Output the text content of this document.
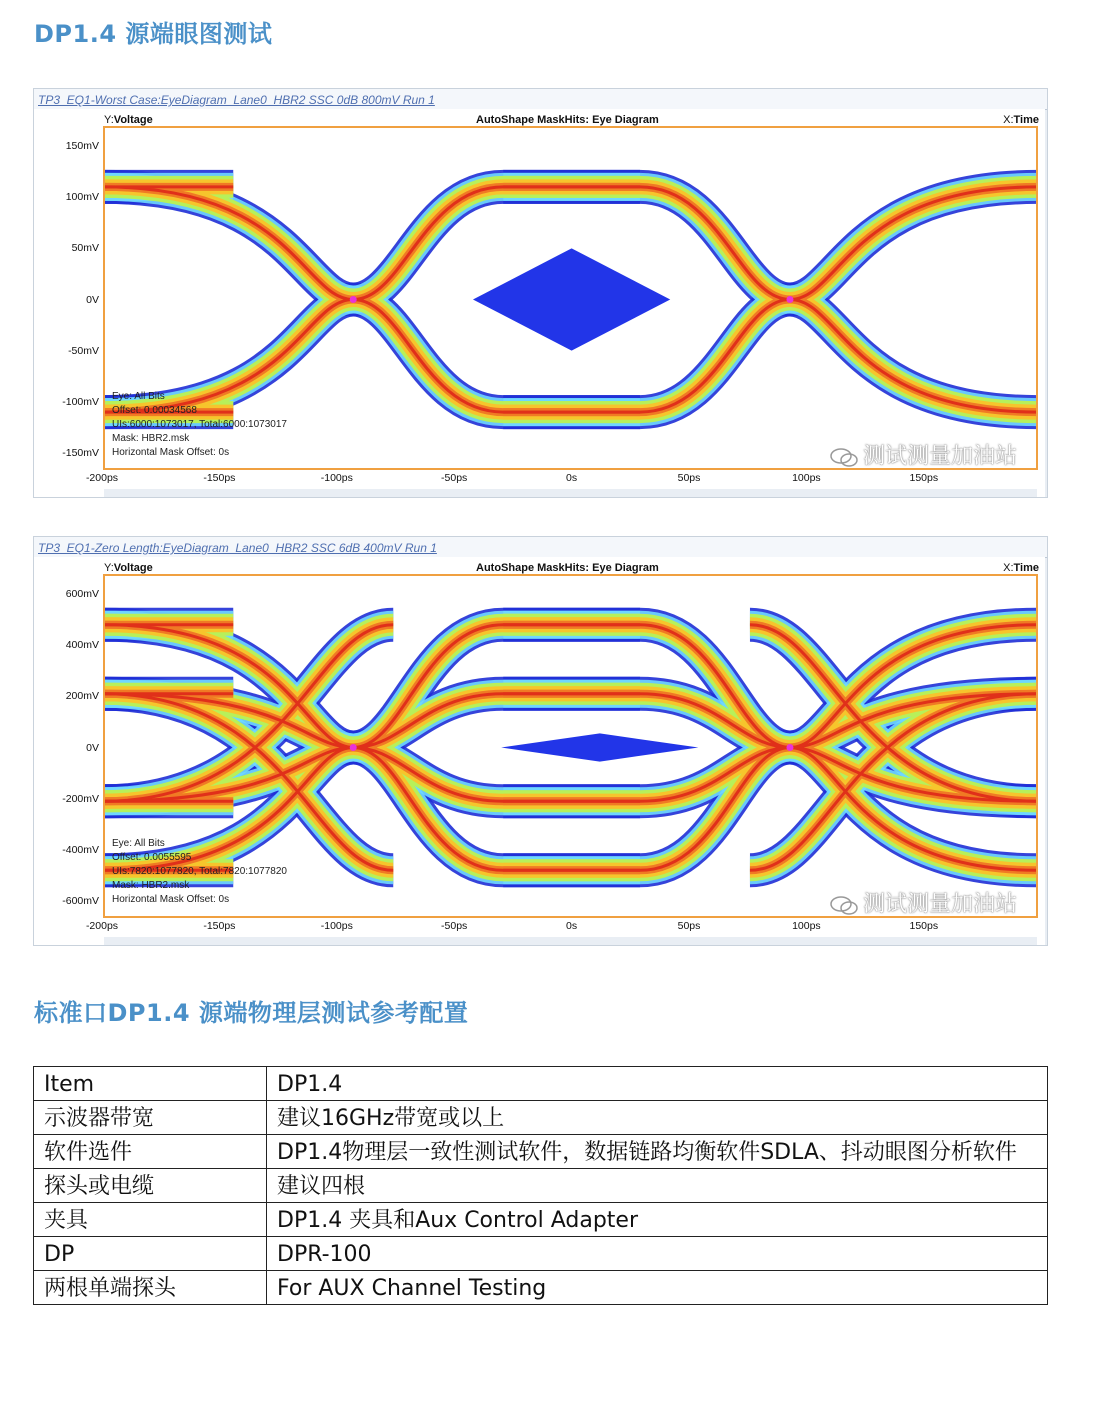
DP1.4 源端眼图测试
TP3_EQ1-Worst Case:EyeDiagram_Lane0_HBR2 SSC 0dB 800mV Run 1
Y:Voltage	AutoShape MaskHits: Eye Diagram	X:Time
150mV
100mV
50mV
0V
-50mV
-100mV
-150mV
-200ps	-150ps	-100ps	-50ps	0s	50ps	100ps	150ps
Eye: All Bits
Offset: 0.00034568
UIs:6000:1073017, Total:6000:1073017
Mask: HBR2.msk
Horizontal Mask Offset: 0s	测试测量加油站
TP3_EQ1-Zero Length:EyeDiagram_Lane0_HBR2 SSC 6dB 400mV Run 1
Y:Voltage	AutoShape MaskHits: Eye Diagram	X:Time
600mV
400mV
200mV
0V
-200mV
-400mV
-600mV
-200ps	-150ps	-100ps	-50ps	0s	50ps	100ps	150ps
Eye: All Bits
Offset: 0.0055595
UIs:7820:1077820, Total:7820:1077820
Mask: HBR2.msk
Horizontal Mask Offset: 0s	测试测量加油站
标准口DP1.4 源端物理层测试参考配置
Item	DP1.4
示波器带宽	建议16GHz带宽或以上
软件选件	DP1.4物理层一致性测试软件，数据链路均衡软件SDLA、抖动眼图分析软件
探头或电缆	建议四根
夹具	DP1.4 夹具和Aux Control Adapter
DP	DPR-100
两根单端探头	For AUX Channel Testing
